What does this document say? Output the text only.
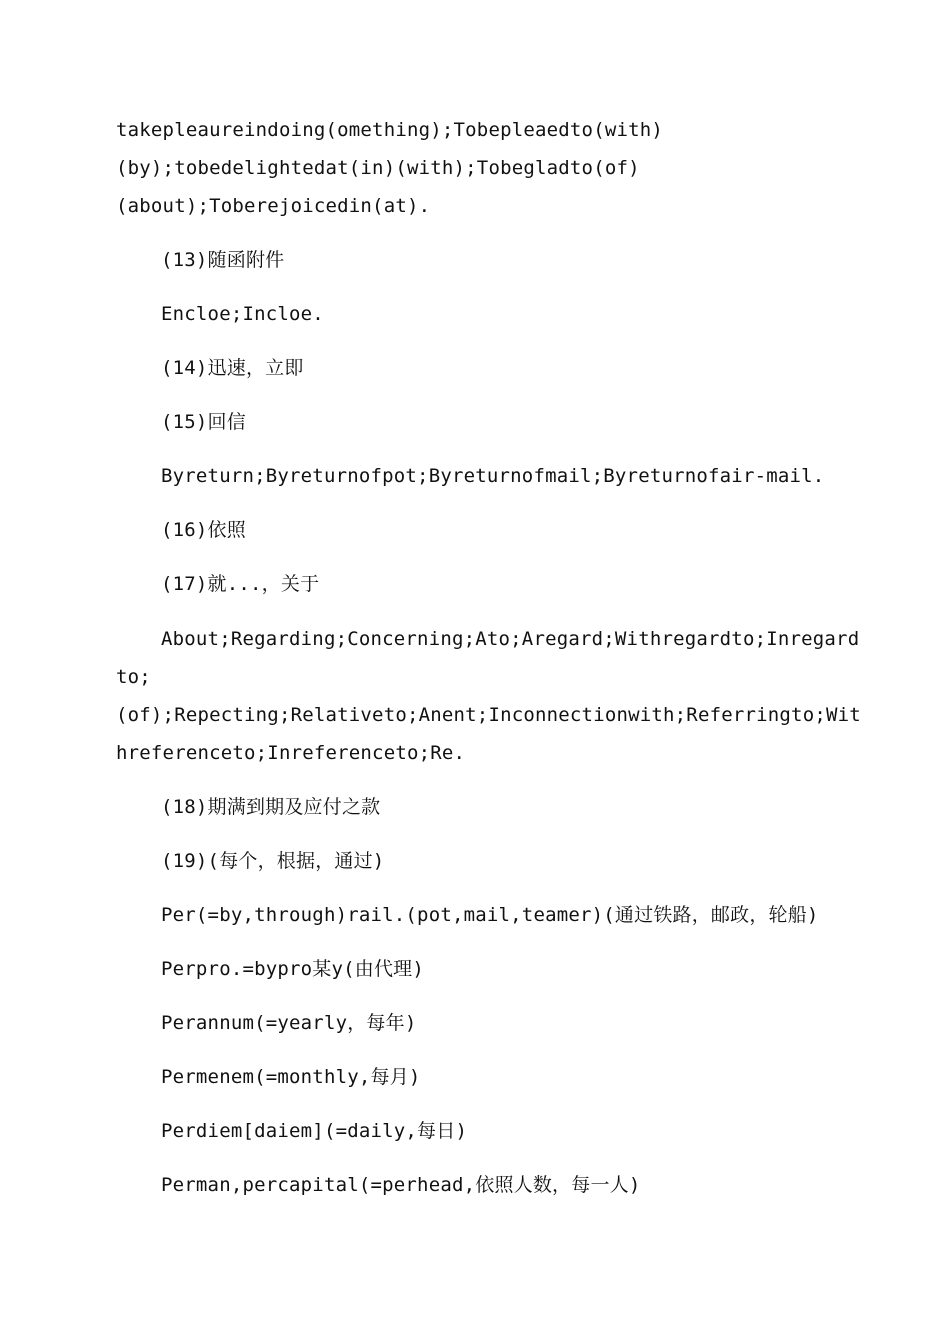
takepleaureindoing(omething);Tobepleaedto(with)
(by);tobedelightedat(in)(with);Tobegladto(of)
(about);Toberejoicedin(at).
(13)随函附件
Encloe;Incloe.
(14)迅速，立即
(15)回信
Byreturn;Byreturnofpot;Byreturnofmail;Byreturnofair-mail.
(16)依照
(17)就...，关于
About;Regarding;Concerning;Ato;Aregard;Withregardto;Inregard
to;
(of);Repecting;Relativeto;Anent;Inconnectionwith;Referringto;Wit
hreferenceto;Inreferenceto;Re.
(18)期满到期及应付之款
(19)(每个，根据，通过)
Per(=by,through)rail.(pot,mail,teamer)(通过铁路，邮政，轮船)
Perpro.=bypro某y(由代理)
Perannum(=yearly，每年)
Permenem(=monthly,每月)
Perdiem[daiem](=daily,每日)
Perman,percapital(=perhead,依照人数，每一人)
